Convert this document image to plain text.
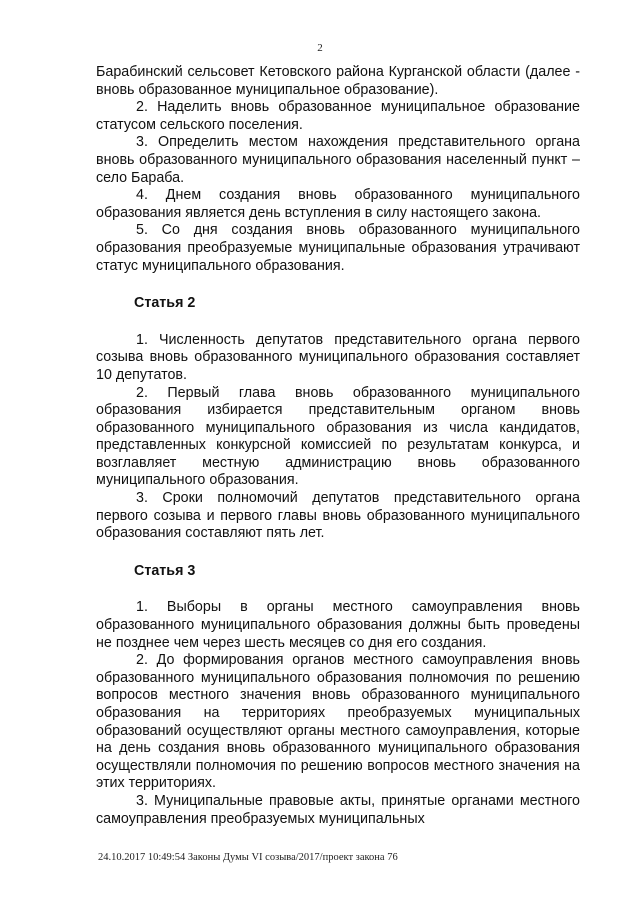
2

Барабинский сельсовет Кетовского района Курганской области (далее - вновь образованное муниципальное образование).

2. Наделить вновь образованное муниципальное образование статусом сельского поселения.

3. Определить местом нахождения представительного органа вновь образованного муниципального образования населенный пункт – село Бараба.

4. Днем создания вновь образованного муниципального образования является день вступления в силу настоящего закона.

5. Со дня создания вновь образованного муниципального образования преобразуемые муниципальные образования утрачивают статус муниципального образования.

Статья 2

1. Численность депутатов представительного органа первого созыва вновь образованного муниципального образования составляет 10 депутатов.

2. Первый глава вновь образованного муниципального образования избирается представительным органом вновь образованного муниципального образования из числа кандидатов, представленных конкурсной комиссией по результатам конкурса, и возглавляет местную администрацию вновь образованного муниципального образования.

3. Сроки полномочий депутатов представительного органа первого созыва и первого главы вновь образованного муниципального образования составляют пять лет.

Статья 3

1. Выборы в органы местного самоуправления вновь образованного муниципального образования должны быть проведены не позднее чем через шесть месяцев со дня его создания.

2. До формирования органов местного самоуправления вновь образованного муниципального образования полномочия по решению вопросов местного значения вновь образованного муниципального образования на территориях преобразуемых муниципальных образований осуществляют органы местного самоуправления, которые на день создания вновь образованного муниципального образования осуществляли полномочия по решению вопросов местного значения на этих территориях.

3. Муниципальные правовые акты, принятые органами местного самоуправления преобразуемых муниципальных

24.10.2017 10:49:54 Законы Думы VI созыва/2017/проект закона 76
